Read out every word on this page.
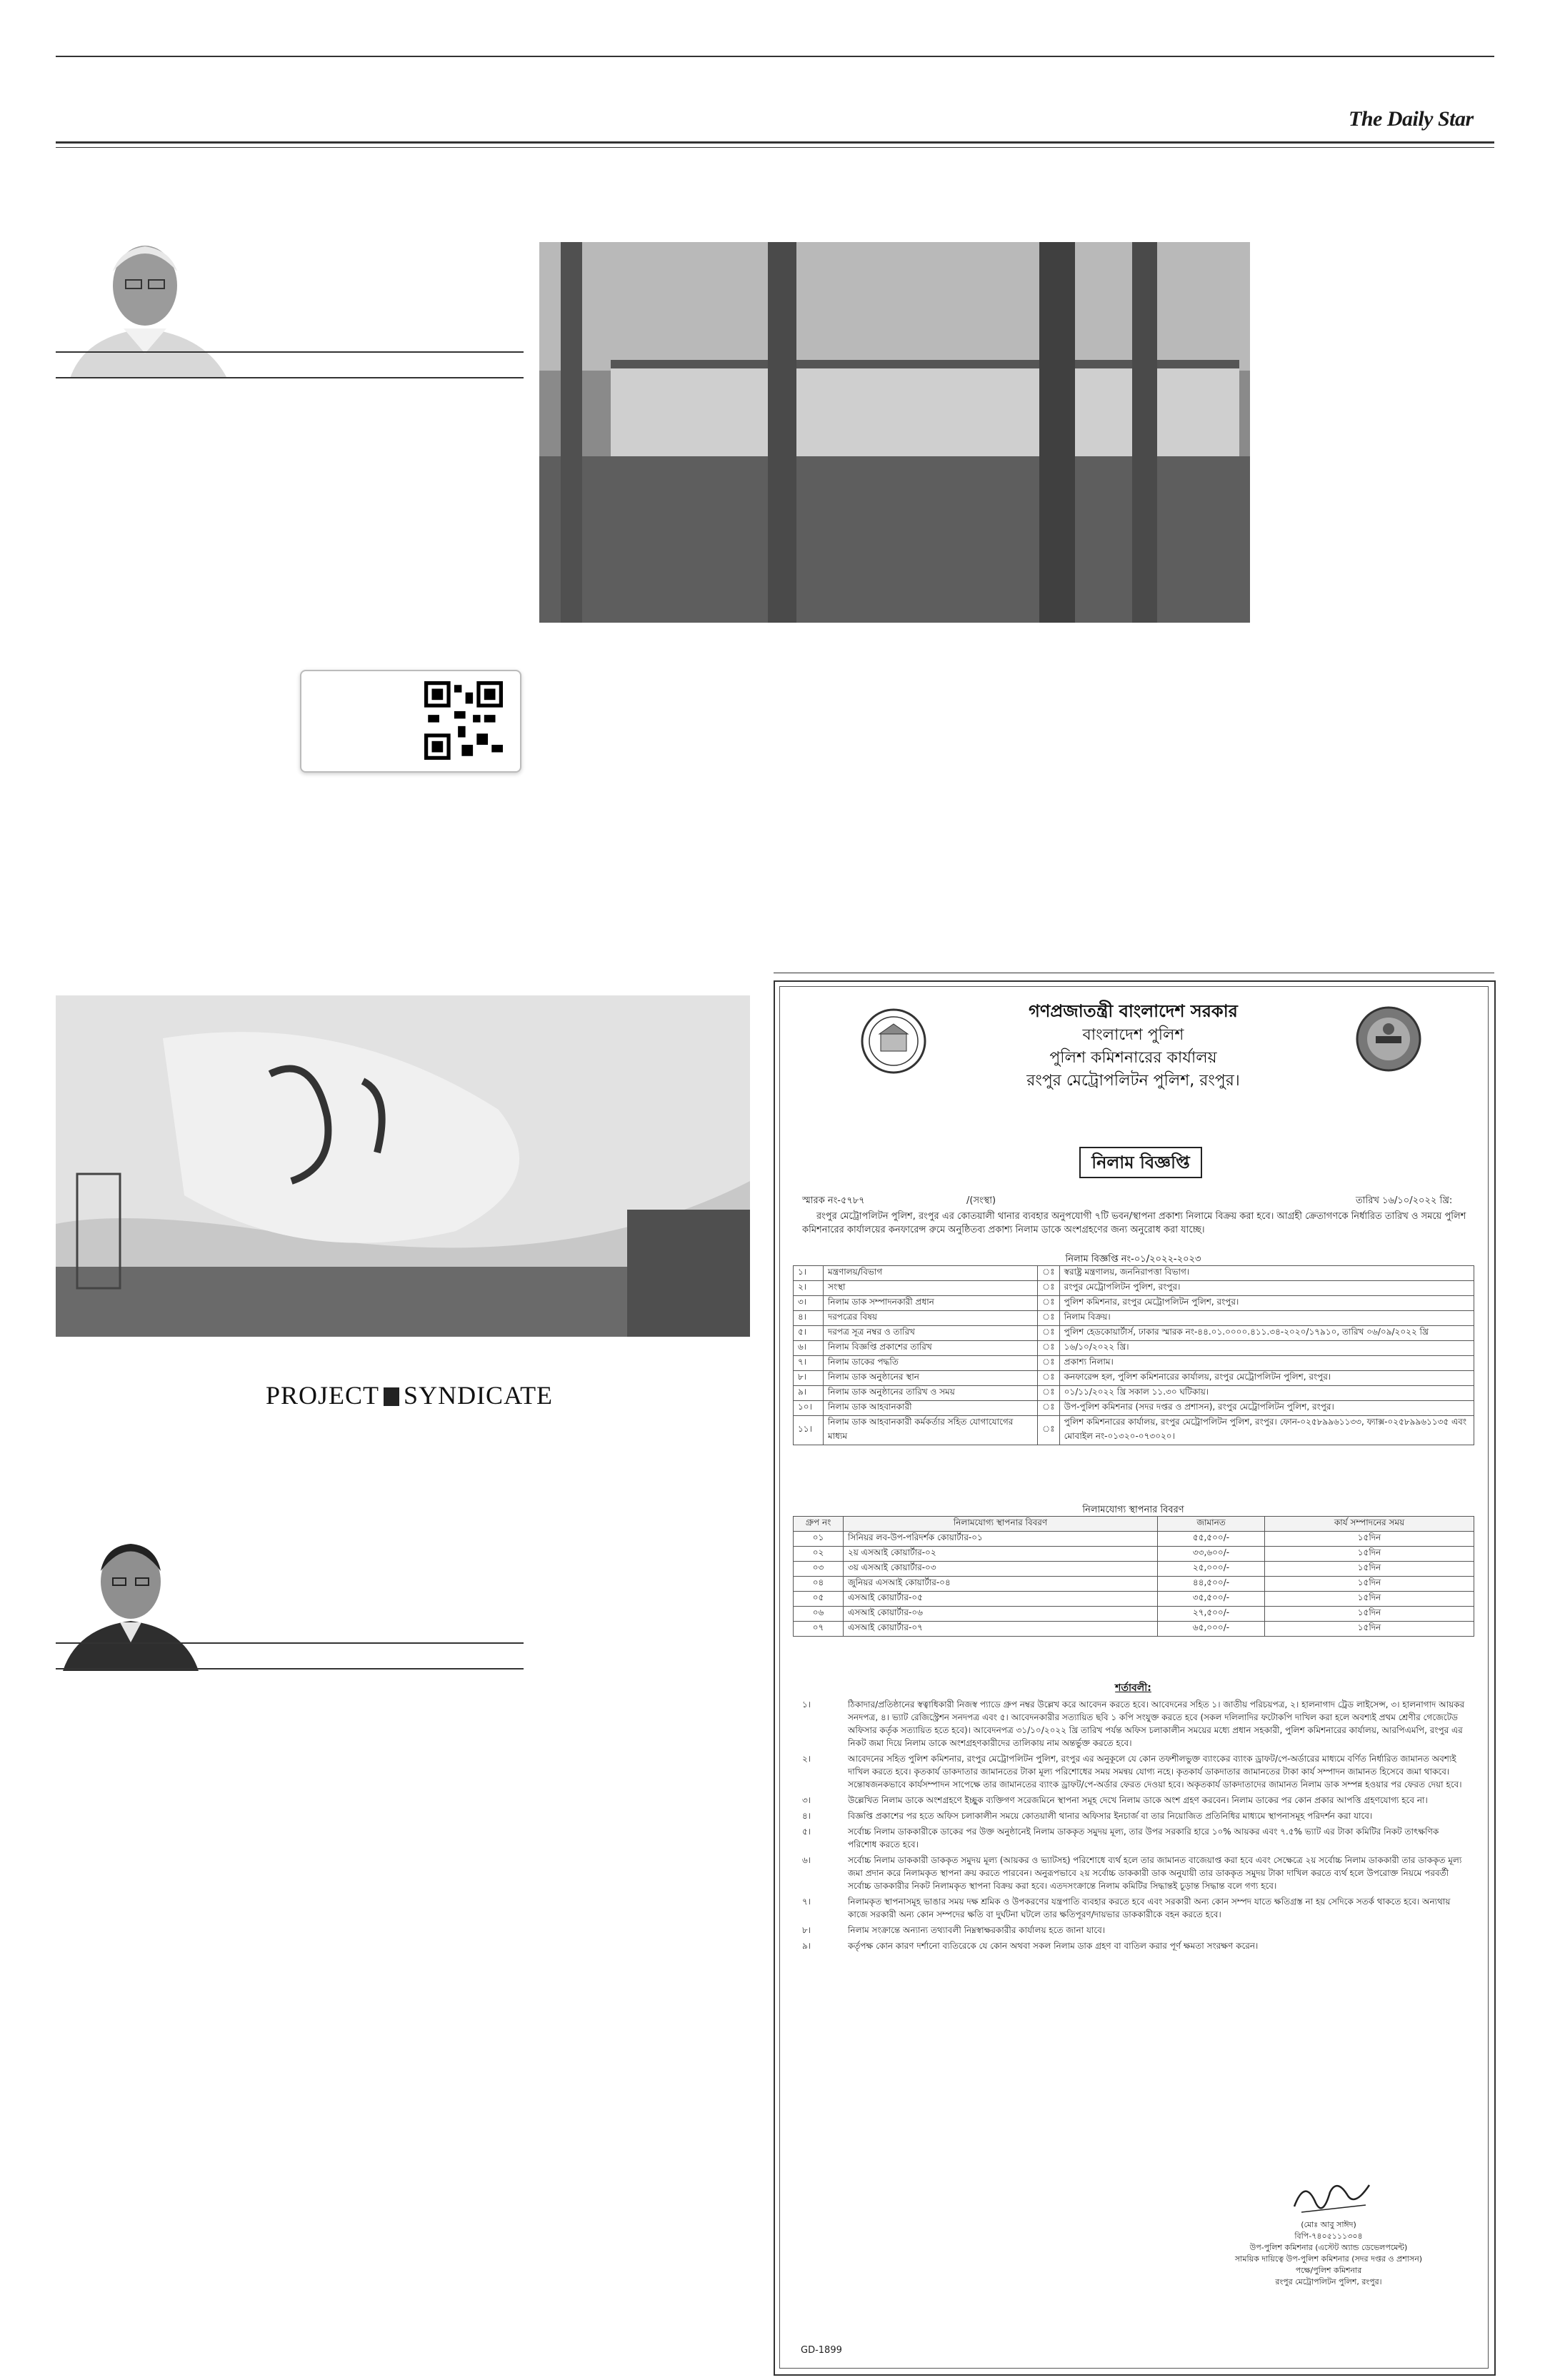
The Daily Star
PROJECT SYNDICATE
গণপ্রজাতন্ত্রী বাংলাদেশ সরকার
বাংলাদেশ পুলিশ
পুলিশ কমিশনারের কার্যালয়
রংপুর মেট্রোপলিটন পুলিশ, রংপুর।
নিলাম বিজ্ঞপ্তি
স্মারক নং-৫৭৮৭	/(সংস্থা)	তারিখ ১৬/১০/২০২২ খ্রি:
রংপুর মেট্রোপলিটন পুলিশ, রংপুর এর কোতয়ালী থানার ব্যবহার অনুপযোগী ৭টি ভবন/স্থাপনা প্রকাশ্য নিলামে বিক্রয় করা হবে। আগ্রহী ক্রেতাগণকে নির্ধারিত তারিখ ও সময়ে পুলিশ কমিশনারের কার্যালয়ের কনফারেন্স রুমে অনুষ্ঠিতব্য প্রকাশ্য নিলাম ডাকে অংশগ্রহণের জন্য অনুরোধ করা যাচ্ছে।
নিলাম বিজ্ঞপ্তি নং-০১/২০২২-২০২৩
১।	মন্ত্রণালয়/বিভাগ	ঃ	স্বরাষ্ট্র মন্ত্রণালয়, জননিরাপত্তা বিভাগ।
২।	সংস্থা	ঃ	রংপুর মেট্রোপলিটন পুলিশ, রংপুর।
৩।	নিলাম ডাক সম্পাদনকারী প্রধান	ঃ	পুলিশ কমিশনার, রংপুর মেট্রোপলিটন পুলিশ, রংপুর।
৪।	দরপত্রের বিষয়	ঃ	নিলাম বিক্রয়।
৫।	দরপত্র সূত্র নম্বর ও তারিখ	ঃ	পুলিশ হেডকোয়ার্টার্স, ঢাকার স্মারক নং-৪৪.০১.০০০০.৪১১.৩৪-২০২০/১৭৯১০, তারিখ ০৬/০৯/২০২২ খ্রি
৬।	নিলাম বিজ্ঞপ্তি প্রকাশের তারিখ	ঃ	১৬/১০/২০২২ খ্রি।
৭।	নিলাম ডাকের পদ্ধতি	ঃ	প্রকাশ্য নিলাম।
৮।	নিলাম ডাক অনুষ্ঠানের স্থান	ঃ	কনফারেন্স হল, পুলিশ কমিশনারের কার্যালয়, রংপুর মেট্রোপলিটন পুলিশ, রংপুর।
৯।	নিলাম ডাক অনুষ্ঠানের তারিখ ও সময়	ঃ	০১/১১/২০২২ খ্রি সকাল ১১.৩০ ঘটিকায়।
১০।	নিলাম ডাক আহবানকারী	ঃ	উপ-পুলিশ কমিশনার (সদর দপ্তর ও প্রশাসন), রংপুর মেট্রোপলিটন পুলিশ, রংপুর।
১১।	নিলাম ডাক আহবানকারী কর্মকর্তার সহিত যোগাযোগের মাধ্যম	ঃ	পুলিশ কমিশনারের কার্যালয়, রংপুর মেট্রোপলিটন পুলিশ, রংপুর। ফোন-০২৫৮৯৯৬১১৩৩, ফ্যাক্স-০২৫৮৯৯৬১১৩৫ এবং মোবাইল নং-০১৩২০-০৭৩০২০।
নিলামযোগ্য স্থাপনার বিবরণ
গ্রুপ নং	নিলামযোগ্য স্থাপনার বিবরণ	জামানত	কার্য সম্পাদনের সময়
০১	সিনিয়র লব-উপ-পরিদর্শক কোয়ার্টার-০১	৫৫,৫০০/-	১৫দিন
০২	২য় এসআই কোয়ার্টার-০২	৩৩,৬০০/-	১৫দিন
০৩	৩য় এসআই কোয়ার্টার-০৩	২৫,০০০/-	১৫দিন
০৪	জুনিয়র এসআই কোয়ার্টার-০৪	৪৪,৫০০/-	১৫দিন
০৫	এসআই কোয়ার্টার-০৫	৩৫,৫০০/-	১৫দিন
০৬	এসআই কোয়ার্টার-০৬	২৭,৫০০/-	১৫দিন
০৭	এসআই কোয়ার্টার-০৭	৬৫,০০০/-	১৫দিন
শর্তাবলী:
১।	ঠিকাদার/প্রতিষ্ঠানের স্বত্বাধিকারী নিজস্ব প্যাডে গ্রুপ নম্বর উল্লেখ করে আবেদন করতে হবে। আবেদনের সহিত ১। জাতীয় পরিচয়পত্র, ২। হালনাগাদ ট্রেড লাইসেন্স, ৩। হালনাগাদ আয়কর সনদপত্র, ৪। ভ্যাট রেজিস্ট্রেশন সনদপত্র এবং ৫। আবেদনকারীর সত্যায়িত ছবি ১ কপি সংযুক্ত করতে হবে (সকল দলিলাদির ফটোকপি দাখিল করা হলে অবশ্যই প্রথম শ্রেণীর গেজেটেড অফিসার কর্তৃক সত্যায়িত হতে হবে)। আবেদনপত্র ৩১/১০/২০২২ খ্রি তারিখ পর্যন্ত অফিস চলাকালীন সময়ের মধ্যে প্রধান সহকারী, পুলিশ কমিশনারের কার্যালয়, আরপিএমপি, রংপুর এর নিকট জমা দিয়ে নিলাম ডাকে অংশগ্রহণকারীদের তালিকায় নাম অন্তর্ভুক্ত করতে হবে।
২।	আবেদনের সহিত পুলিশ কমিশনার, রংপুর মেট্রোপলিটন পুলিশ, রংপুর এর অনুকূলে যে কোন তফশীলভুক্ত ব্যাংকের ব্যাংক ড্রাফট/পে-অর্ডারের মাধ্যমে বর্ণিত নির্ধারিত জামানত অবশ্যই দাখিল করতে হবে। কৃতকার্য ডাকদাতার জামানতের টাকা মূল্য পরিশোধের সময় সমন্বয় যোগ্য নহে। কৃতকার্য ডাকদাতার জামানতের টাকা কার্য সম্পাদন জামানত হিসেবে জমা থাকবে। সন্তোষজনকভাবে কার্যসম্পাদন সাপেক্ষে তার জামানতের ব্যাংক ড্রাফট/পে-অর্ডার ফেরত দেওয়া হবে। অকৃতকার্য ডাকদাতাদের জামানত নিলাম ডাক সম্পন্ন হওয়ার পর ফেরত দেয়া হবে।
৩।	উল্লেখিত নিলাম ডাকে অংশগ্রহণে ইচ্ছুক ব্যক্তিগণ সরেজমিনে স্থাপনা সমূহ দেখে নিলাম ডাকে অংশ গ্রহণ করবেন। নিলাম ডাকের পর কোন প্রকার আপত্তি গ্রহণযোগ্য হবে না।
৪।	বিজ্ঞপ্তি প্রকাশের পর হতে অফিস চলাকালীন সময়ে কোতয়ালী থানার অফিসার ইনচার্জ বা তার নিয়োজিত প্রতিনিধির মাধ্যমে স্থাপনাসমূহ পরিদর্শন করা যাবে।
৫।	সর্বোচ্চ নিলাম ডাককারীকে ডাকের পর উক্ত অনুষ্ঠানেই নিলাম ডাককৃত সমুদয় মূল্য, তার উপর সরকারি হারে ১০% আয়কর এবং ৭.৫% ভ্যাট এর টাকা কমিটির নিকট তাৎক্ষণিক পরিশোধ করতে হবে।
৬।	সর্বোচ্চ নিলাম ডাককারী ডাককৃত সমুদয় মূল্য (আয়কর ও ভ্যাটসহ) পরিশোধে ব্যর্থ হলে তার জামানত বাজেয়াপ্ত করা হবে এবং সেক্ষেত্রে ২য় সর্বোচ্চ নিলাম ডাককারী তার ডাককৃত মূল্য জমা প্রদান করে নিলামকৃত স্থাপনা ক্রয় করতে পারবেন। অনুরূপভাবে ২য় সর্বোচ্চ ডাককারী ডাক অনুযায়ী তার ডাককৃত সমুদয় টাকা দাখিল করতে ব্যর্থ হলে উপরোক্ত নিয়মে পরবর্তী সর্বোচ্চ ডাককারীর নিকট নিলামকৃত স্থাপনা বিক্রয় করা হবে। এতদসংক্রান্তে নিলাম কমিটির সিদ্ধান্তই চূড়ান্ত সিদ্ধান্ত বলে গণ্য হবে।
৭।	নিলামকৃত স্থাপনাসমূহ ভাঙার সময় দক্ষ শ্রমিক ও উপকরণের যন্ত্রপাতি ব্যবহার করতে হবে এবং সরকারী অন্য কোন সম্পদ যাতে ক্ষতিগ্রস্ত না হয় সেদিকে সতর্ক থাকতে হবে। অন্যথায় কাজে সরকারী অন্য কোন সম্পদের ক্ষতি বা দুর্ঘটনা ঘটলে তার ক্ষতিপূরণ/দায়ভার ডাককারীকে বহন করতে হবে।
৮।	নিলাম সংক্রান্তে অন্যান্য তথ্যাবলী নিম্নস্বাক্ষরকারীর কার্যালয় হতে জানা যাবে।
৯।	কর্তৃপক্ষ কোন কারণ দর্শানো ব্যতিরেকে যে কোন অথবা সকল নিলাম ডাক গ্রহণ বা বাতিল করার পূর্ণ ক্ষমতা সংরক্ষণ করেন।
(মোঃ আবু সাঈদ)
বিপি-৭৪০৫১১১৩০৪
উপ-পুলিশ কমিশনার (এস্টেট অ্যান্ড ডেভেলপমেন্ট)
সাময়িক দায়িত্বে উপ-পুলিশ কমিশনার (সদর দপ্তর ও প্রশাসন)
পক্ষে/পুলিশ কমিশনার
রংপুর মেট্রোপলিটন পুলিশ, রংপুর।
GD-1899
